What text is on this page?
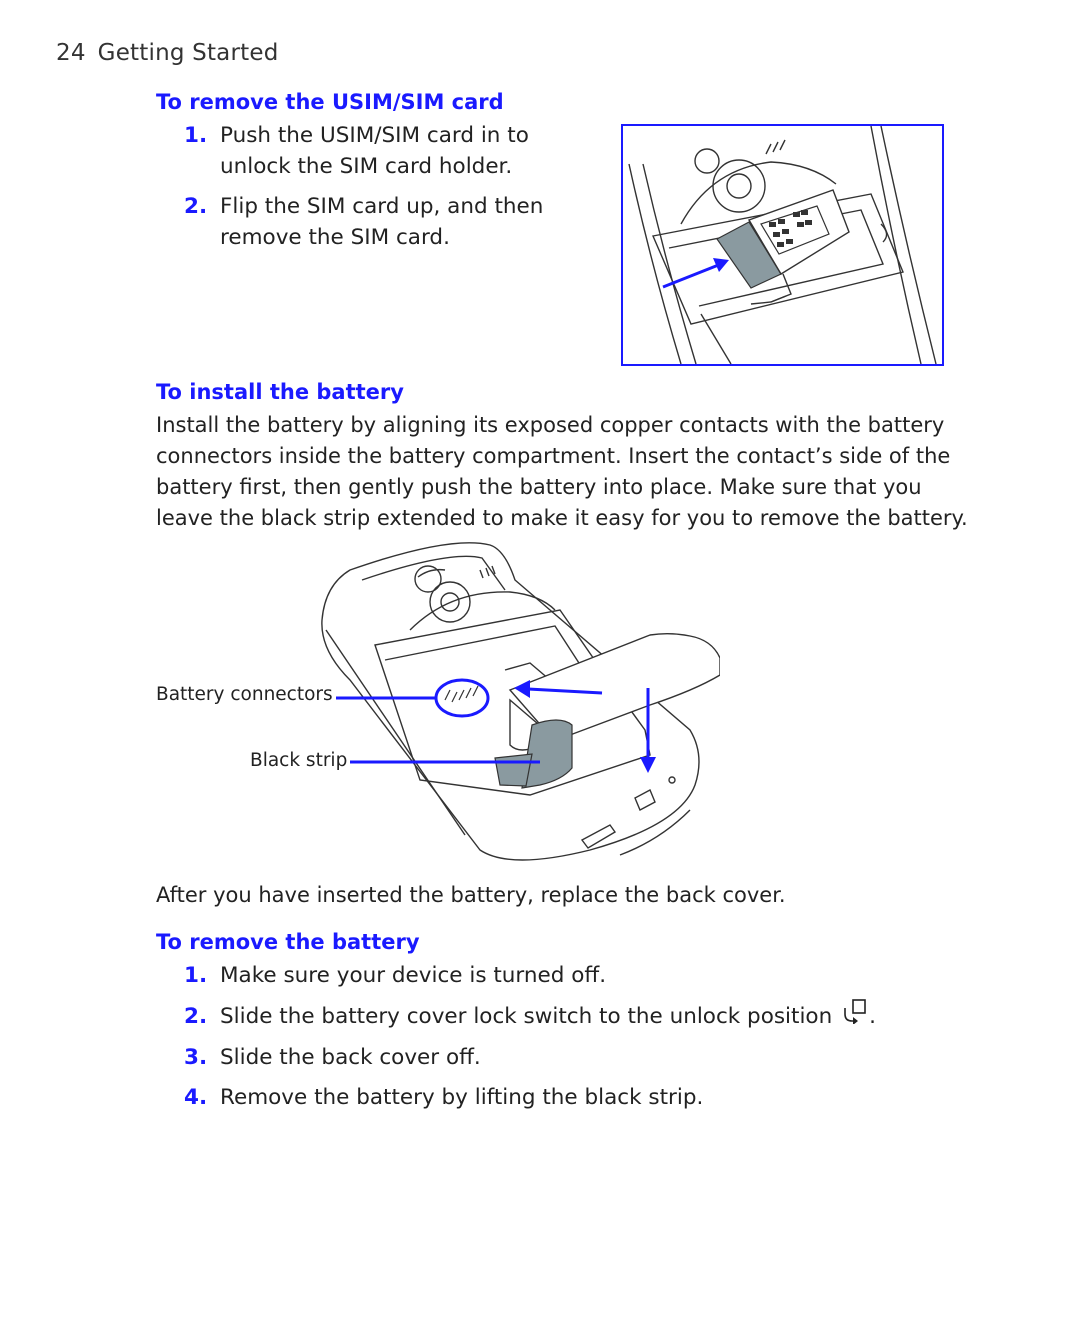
24 Getting Started
To remove the USIM/SIM card
1. Push the USIM/SIM card in to unlock the SIM card holder.
2. Flip the SIM card up, and then remove the SIM card.
To install the battery
Install the battery by aligning its exposed copper contacts with the battery connectors inside the battery compartment. Insert the contact’s side of the battery first, then gently push the battery into place. Make sure that you leave the black strip extended to make it easy for you to remove the battery.
Battery connectors
Black strip
After you have inserted the battery, replace the back cover.
To remove the battery
1. Make sure your device is turned off.
2. Slide the battery cover lock switch to the unlock position .
3. Slide the back cover off.
4. Remove the battery by lifting the black strip.
